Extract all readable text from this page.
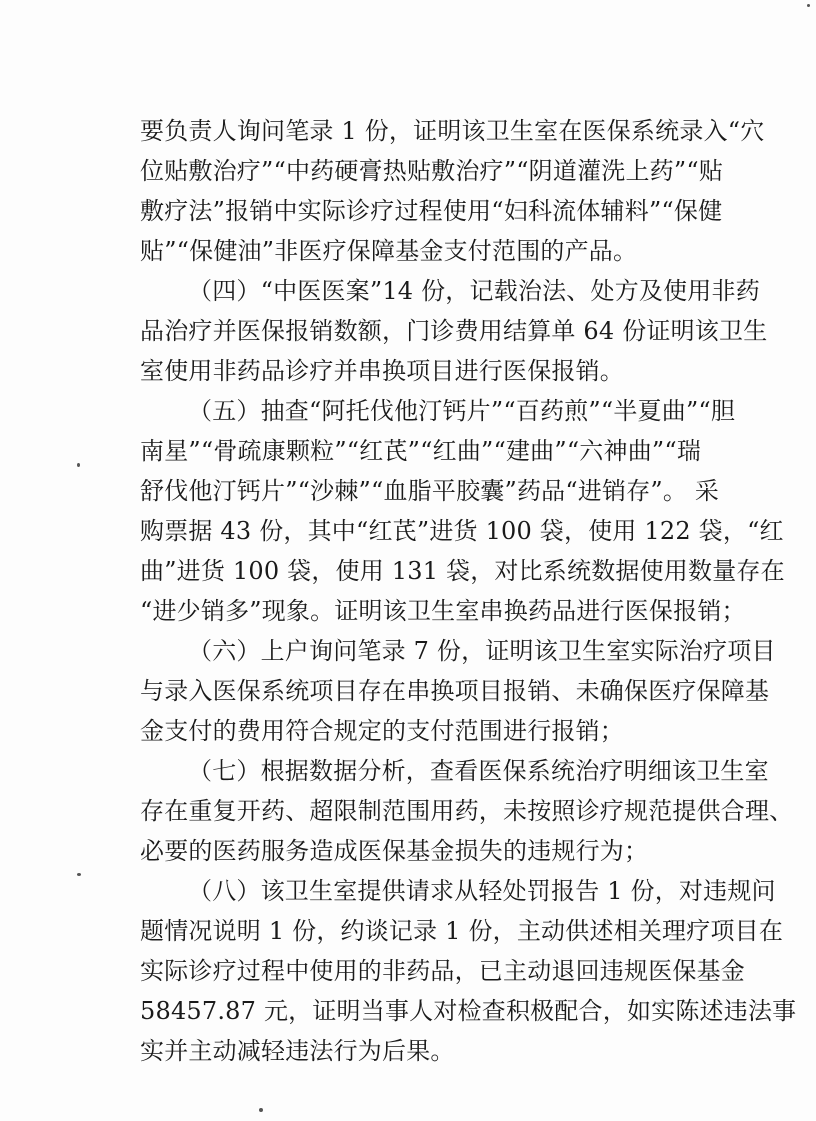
要负责人询问笔录 1 份，证明该卫生室在医保系统录入“穴
位贴敷治疗”“中药硬膏热贴敷治疗”“阴道灌洗上药”“贴
敷疗法”报销中实际诊疗过程使用“妇科流体辅料”“保健
贴”“保健油”非医疗保障基金支付范围的产品。
（四）“中医医案”14 份，记载治法、处方及使用非药
品治疗并医保报销数额，门诊费用结算单 64 份证明该卫生
室使用非药品诊疗并串换项目进行医保报销。
（五）抽查“阿托伐他汀钙片”“百药煎”“半夏曲”“胆
南星”“骨疏康颗粒”“红芪”“红曲”“建曲”“六神曲”“瑞
舒伐他汀钙片”“沙棘”“血脂平胶囊”药品“进销存”。 采
购票据 43 份，其中“红芪”进货 100 袋，使用 122 袋，“红
曲”进货 100 袋，使用 131 袋，对比系统数据使用数量存在
“进少销多”现象。证明该卫生室串换药品进行医保报销；
（六）上户询问笔录 7 份，证明该卫生室实际治疗项目
与录入医保系统项目存在串换项目报销、未确保医疗保障基
金支付的费用符合规定的支付范围进行报销；
（七）根据数据分析，查看医保系统治疗明细该卫生室
存在重复开药、超限制范围用药，未按照诊疗规范提供合理、
必要的医药服务造成医保基金损失的违规行为；
（八）该卫生室提供请求从轻处罚报告 1 份，对违规问
题情况说明 1 份，约谈记录 1 份，主动供述相关理疗项目在
实际诊疗过程中使用的非药品，已主动退回违规医保基金
58457.87 元，证明当事人对检查积极配合，如实陈述违法事
实并主动减轻违法行为后果。
